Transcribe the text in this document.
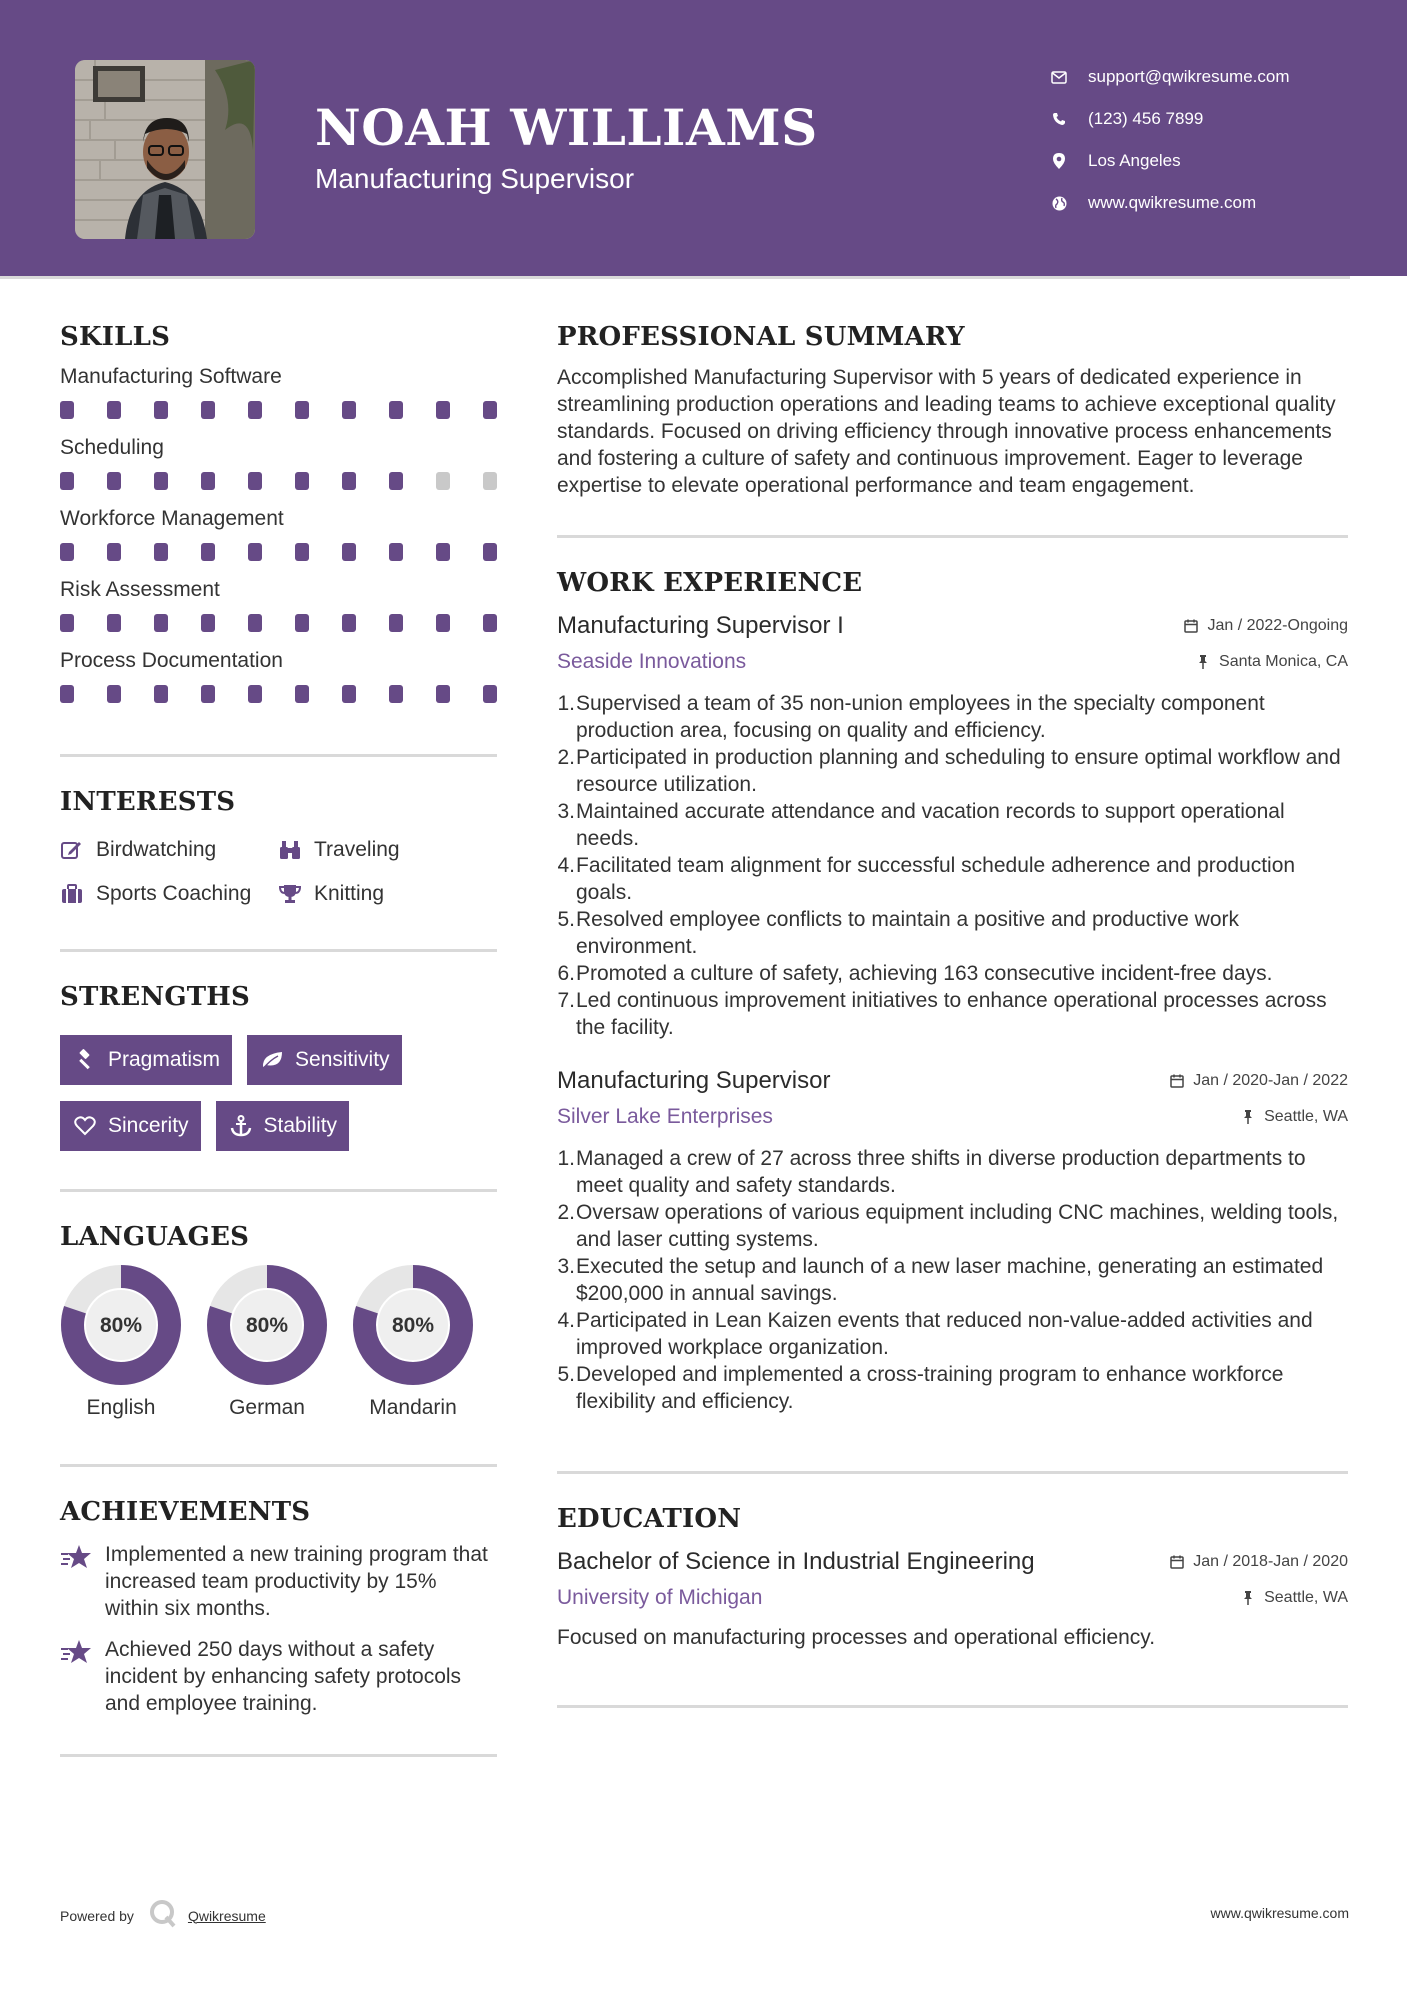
NOAH WILLIAMS
Manufacturing Supervisor
support@qwikresume.com
(123) 456 7899
Los Angeles
www.qwikresume.com
SKILLS
Manufacturing Software
Scheduling
Workforce Management
Risk Assessment
Process Documentation
INTERESTS
Birdwatching	Traveling
Sports Coaching	Knitting
STRENGTHS
Pragmatism	Sensitivity
Sincerity	Stability
LANGUAGES
80%
English
80%
German
80%
Mandarin
ACHIEVEMENTS
Implemented a new training program that increased team productivity by 15% within six months.
Achieved 250 days without a safety incident by enhancing safety protocols and employee training.
PROFESSIONAL SUMMARY
Accomplished Manufacturing Supervisor with 5 years of dedicated experience in streamlining production operations and leading teams to achieve exceptional quality standards. Focused on driving efficiency through innovative process enhancements and fostering a culture of safety and continuous improvement. Eager to leverage expertise to elevate operational performance and team engagement.
WORK EXPERIENCE
Manufacturing Supervisor I	Jan / 2022-Ongoing
Seaside Innovations	Santa Monica, CA
1. Supervised a team of 35 non-union employees in the specialty component production area, focusing on quality and efficiency.
2. Participated in production planning and scheduling to ensure optimal workflow and resource utilization.
3. Maintained accurate attendance and vacation records to support operational needs.
4. Facilitated team alignment for successful schedule adherence and production goals.
5. Resolved employee conflicts to maintain a positive and productive work environment.
6. Promoted a culture of safety, achieving 163 consecutive incident-free days.
7. Led continuous improvement initiatives to enhance operational processes across the facility.
Manufacturing Supervisor	Jan / 2020-Jan / 2022
Silver Lake Enterprises	Seattle, WA
1. Managed a crew of 27 across three shifts in diverse production departments to meet quality and safety standards.
2. Oversaw operations of various equipment including CNC machines, welding tools, and laser cutting systems.
3. Executed the setup and launch of a new laser machine, generating an estimated $200,000 in annual savings.
4. Participated in Lean Kaizen events that reduced non-value-added activities and improved workplace organization.
5. Developed and implemented a cross-training program to enhance workforce flexibility and efficiency.
EDUCATION
Bachelor of Science in Industrial Engineering	Jan / 2018-Jan / 2020
University of Michigan	Seattle, WA
Focused on manufacturing processes and operational efficiency.
Powered by	Qwikresume	www.qwikresume.com
